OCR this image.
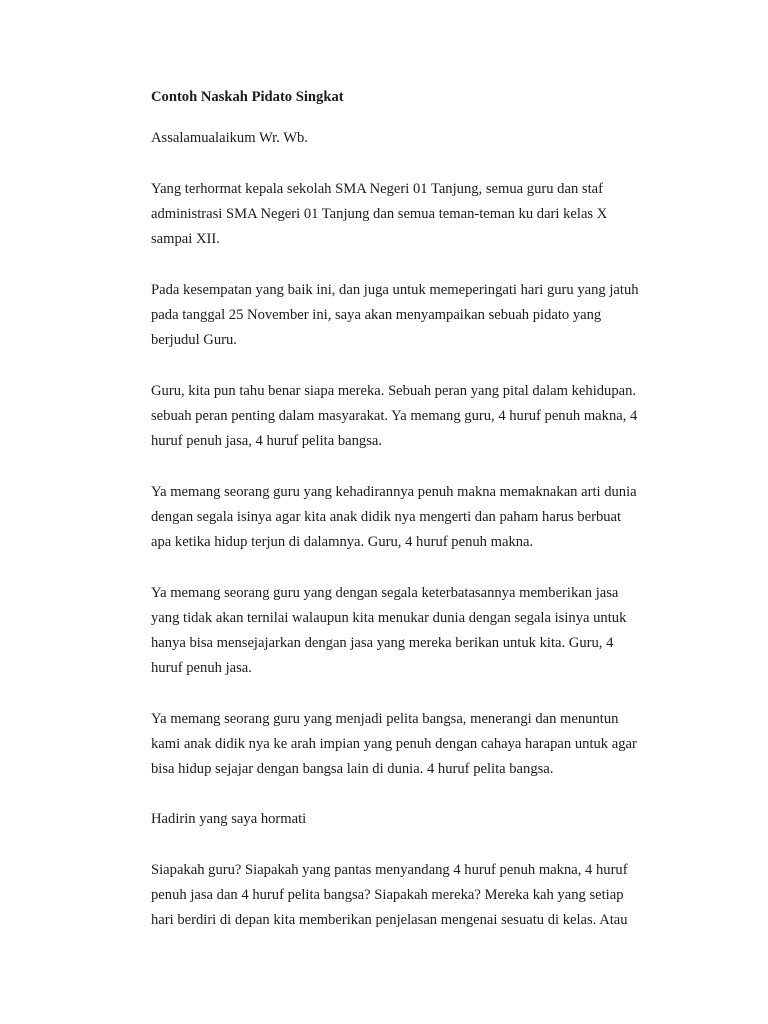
Contoh Naskah Pidato Singkat

Assalamualaikum Wr. Wb.

Yang terhormat kepala sekolah SMA Negeri 01 Tanjung, semua guru dan staf

administrasi SMA Negeri 01 Tanjung dan semua teman-teman ku dari kelas X

sampai XII.

Pada kesempatan yang baik ini, dan juga untuk memeperingati hari guru yang jatuh

pada tanggal 25 November ini, saya akan menyampaikan sebuah pidato yang

berjudul Guru.

Guru, kita pun tahu benar siapa mereka. Sebuah peran yang pital dalam kehidupan.

sebuah peran penting dalam masyarakat. Ya memang guru, 4 huruf penuh makna, 4

huruf penuh jasa, 4 huruf pelita bangsa.

Ya memang seorang guru yang kehadirannya penuh makna memaknakan arti dunia

dengan segala isinya agar kita anak didik nya mengerti dan paham harus berbuat

apa ketika hidup terjun di dalamnya. Guru, 4 huruf penuh makna.

Ya memang seorang guru yang dengan segala keterbatasannya memberikan jasa

yang tidak akan ternilai walaupun kita menukar dunia dengan segala isinya untuk

hanya bisa mensejajarkan dengan jasa yang mereka berikan untuk kita. Guru, 4

huruf penuh jasa.

Ya memang seorang guru yang menjadi pelita bangsa, menerangi dan menuntun

kami anak didik nya ke arah impian yang penuh dengan cahaya harapan untuk agar

bisa hidup sejajar dengan bangsa lain di dunia. 4 huruf pelita bangsa.

Hadirin yang saya hormati

Siapakah guru? Siapakah yang pantas menyandang 4 huruf penuh makna, 4 huruf

penuh jasa dan 4 huruf pelita bangsa? Siapakah mereka? Mereka kah yang setiap

hari berdiri di depan kita memberikan penjelasan mengenai sesuatu di kelas. Atau
